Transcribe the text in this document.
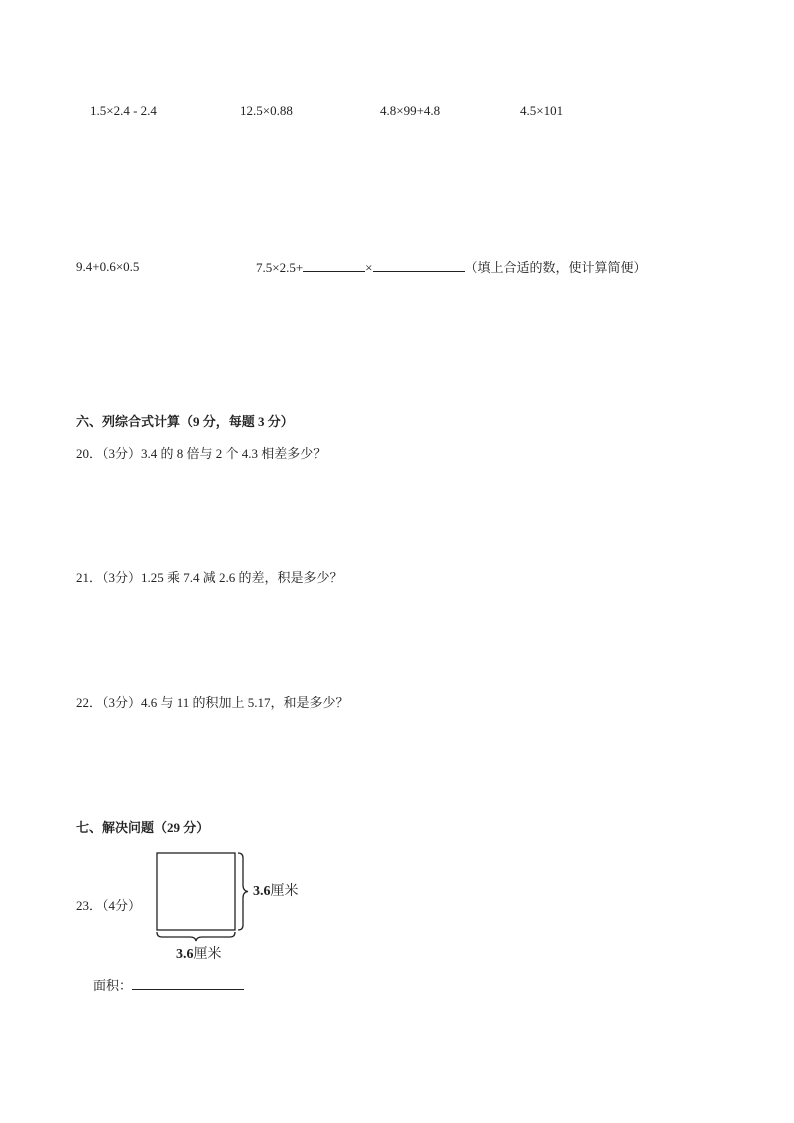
1.5×2.4 - 2.4	12.5×0.88	4.8×99+4.8	4.5×101
9.4+0.6×0.5	7.5×2.5+	×	（填上合适的数，使计算简便）
六、列综合式计算（9 分，每题 3 分）
20．（3分）3.4 的 8 倍与 2 个 4.3 相差多少？
21．（3分）1.25 乘 7.4 减 2.6 的差，积是多少？
22．（3分）4.6 与 11 的积加上 5.17，和是多少？
七、解决问题（29 分）
23．（4分）
3.6厘米
3.6厘米
面积：
